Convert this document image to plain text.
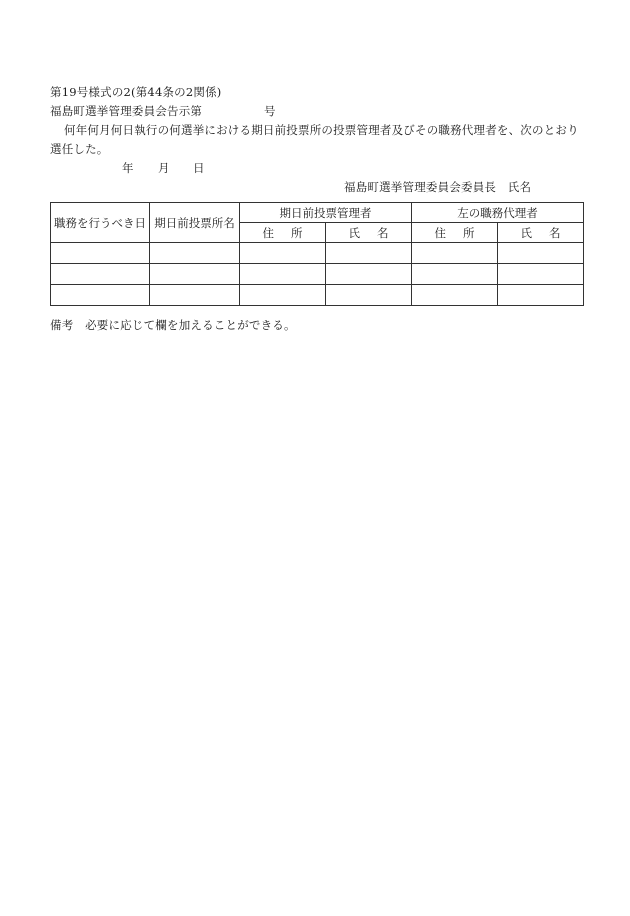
第19号様式の2(第44条の2関係)
福島町選挙管理委員会告示第	号
何年何月何日執行の何選挙における期日前投票所の投票管理者及びその職務代理者を、次のとおり
選任した。
年 月 日
福島町選挙管理委員会委員長　氏名
職務を行うべき日	期日前投票所名	期日前投票管理者		左の職務代理者	

		住 所	氏 名	住 所	氏 名

備考　必要に応じて欄を加えることができる。
